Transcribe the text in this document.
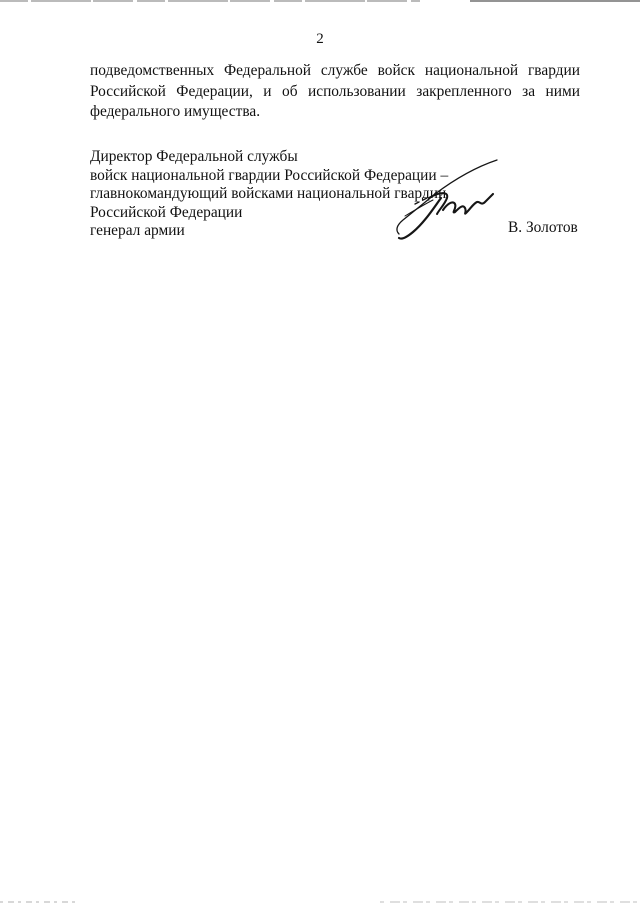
2
подведомственных Федеральной службе войск национальной гвардии
Российской Федерации, и об использовании закрепленного за ними
федерального имущества.
Директор Федеральной службы
войск национальной гвардии Российской Федерации –
главнокомандующий войсками национальной гвардии
Российской Федерации
генерал армии	В. Золотов
